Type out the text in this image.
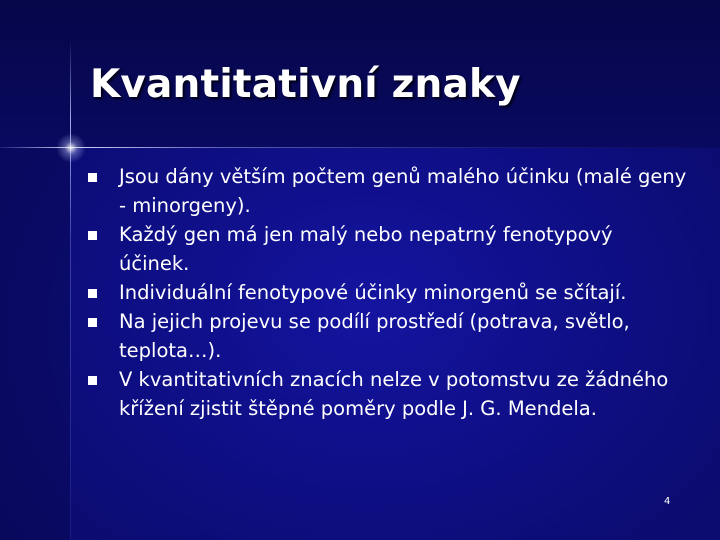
Kvantitativní znaky
Jsou dány větším počtem genů malého účinku (malé geny - minorgeny).
Každý gen má jen malý nebo nepatrný fenotypový účinek.
Individuální fenotypové účinky minorgenů se sčítají.
Na jejich projevu se podílí prostředí (potrava, světlo, teplota…).
V kvantitativních znacích nelze v potomstvu ze žádného křížení zjistit štěpné poměry podle J. G. Mendela.
4
